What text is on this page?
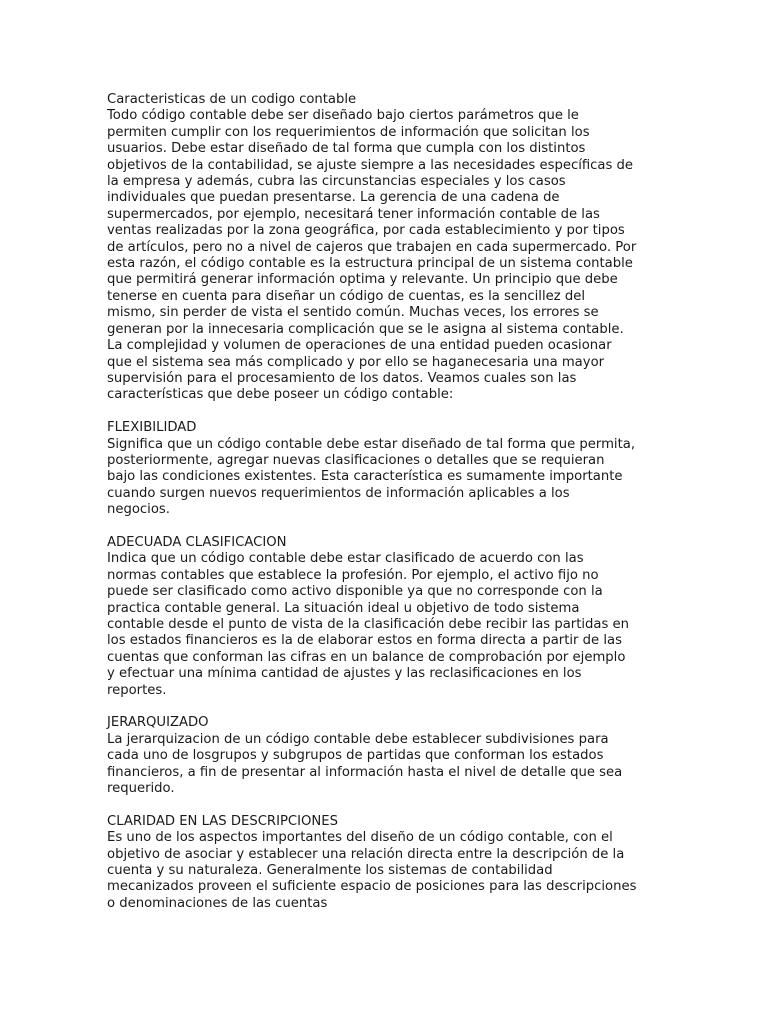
Caracteristicas de un codigo contable
Todo código contable debe ser diseñado bajo ciertos parámetros que le
permiten cumplir con los requerimientos de información que solicitan los
usuarios. Debe estar diseñado de tal forma que cumpla con los distintos
objetivos de la contabilidad, se ajuste siempre a las necesidades específicas de
la empresa y además, cubra las circunstancias especiales y los casos
individuales que puedan presentarse. La gerencia de una cadena de
supermercados, por ejemplo, necesitará tener información contable de las
ventas realizadas por la zona geográfica, por cada establecimiento y por tipos
de artículos, pero no a nivel de cajeros que trabajen en cada supermercado. Por
esta razón, el código contable es la estructura principal de un sistema contable
que permitirá generar información optima y relevante. Un principio que debe
tenerse en cuenta para diseñar un código de cuentas, es la sencillez del
mismo, sin perder de vista el sentido común. Muchas veces, los errores se
generan por la innecesaria complicación que se le asigna al sistema contable.
La complejidad y volumen de operaciones de una entidad pueden ocasionar
que el sistema sea más complicado y por ello se haganecesaria una mayor
supervisión para el procesamiento de los datos. Veamos cuales son las
características que debe poseer un código contable:
FLEXIBILIDAD
Significa que un código contable debe estar diseñado de tal forma que permita,
posteriormente, agregar nuevas clasificaciones o detalles que se requieran
bajo las condiciones existentes. Esta característica es sumamente importante
cuando surgen nuevos requerimientos de información aplicables a los
negocios.
ADECUADA CLASIFICACION
Indica que un código contable debe estar clasificado de acuerdo con las
normas contables que establece la profesión. Por ejemplo, el activo fijo no
puede ser clasificado como activo disponible ya que no corresponde con la
practica contable general. La situación ideal u objetivo de todo sistema
contable desde el punto de vista de la clasificación debe recibir las partidas en
los estados financieros es la de elaborar estos en forma directa a partir de las
cuentas que conforman las cifras en un balance de comprobación por ejemplo
y efectuar una mínima cantidad de ajustes y las reclasificaciones en los
reportes.
JERARQUIZADO
La jerarquizacion de un código contable debe establecer subdivisiones para
cada uno de losgrupos y subgrupos de partidas que conforman los estados
financieros, a fin de presentar al información hasta el nivel de detalle que sea
requerido.
CLARIDAD EN LAS DESCRIPCIONES
Es uno de los aspectos importantes del diseño de un código contable, con el
objetivo de asociar y establecer una relación directa entre la descripción de la
cuenta y su naturaleza. Generalmente los sistemas de contabilidad
mecanizados proveen el suficiente espacio de posiciones para las descripciones
o denominaciones de las cuentas
